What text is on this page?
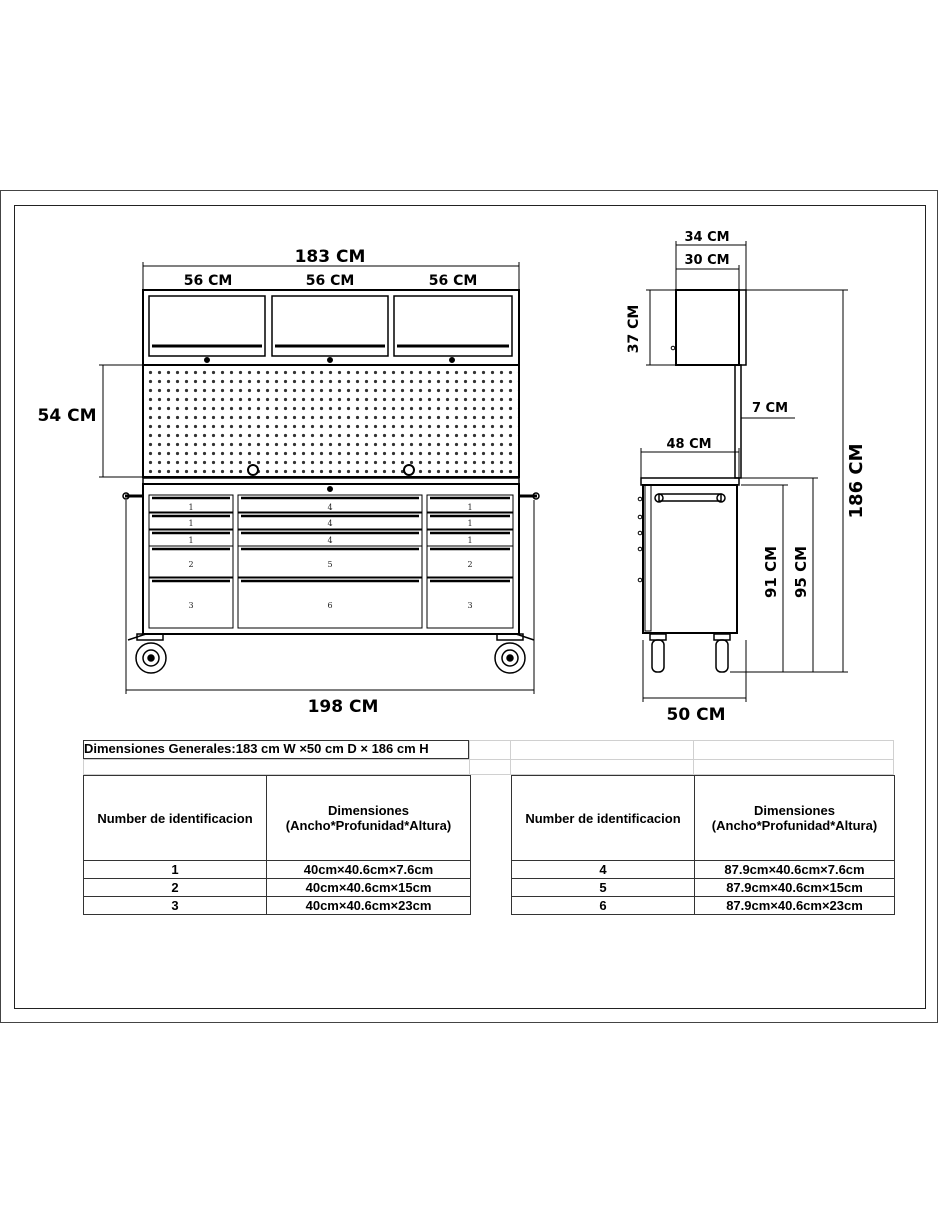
183 CM
56 CM	56 CM	56 CM
54 CM
198 CM
1
1
1
2
3
4
4
4
5
6
1
1
1
2
3
34 CM
30 CM
37 CM
7 CM
48 CM	186 CM
91 CM 95 CM
50 CM

Dimensiones Generales:183 cm W ×50 cm D × 186 cm H
Number de identificacion	Dimensiones
(Ancho*Profunidad*Altura)

1	40cm×40.6cm×7.6cm
2	40cm×40.6cm×15cm
3	40cm×40.6cm×23cm
Number de identificacion	Dimensiones
(Ancho*Profunidad*Altura)

4	87.9cm×40.6cm×7.6cm
5	87.9cm×40.6cm×15cm
6	87.9cm×40.6cm×23cm
